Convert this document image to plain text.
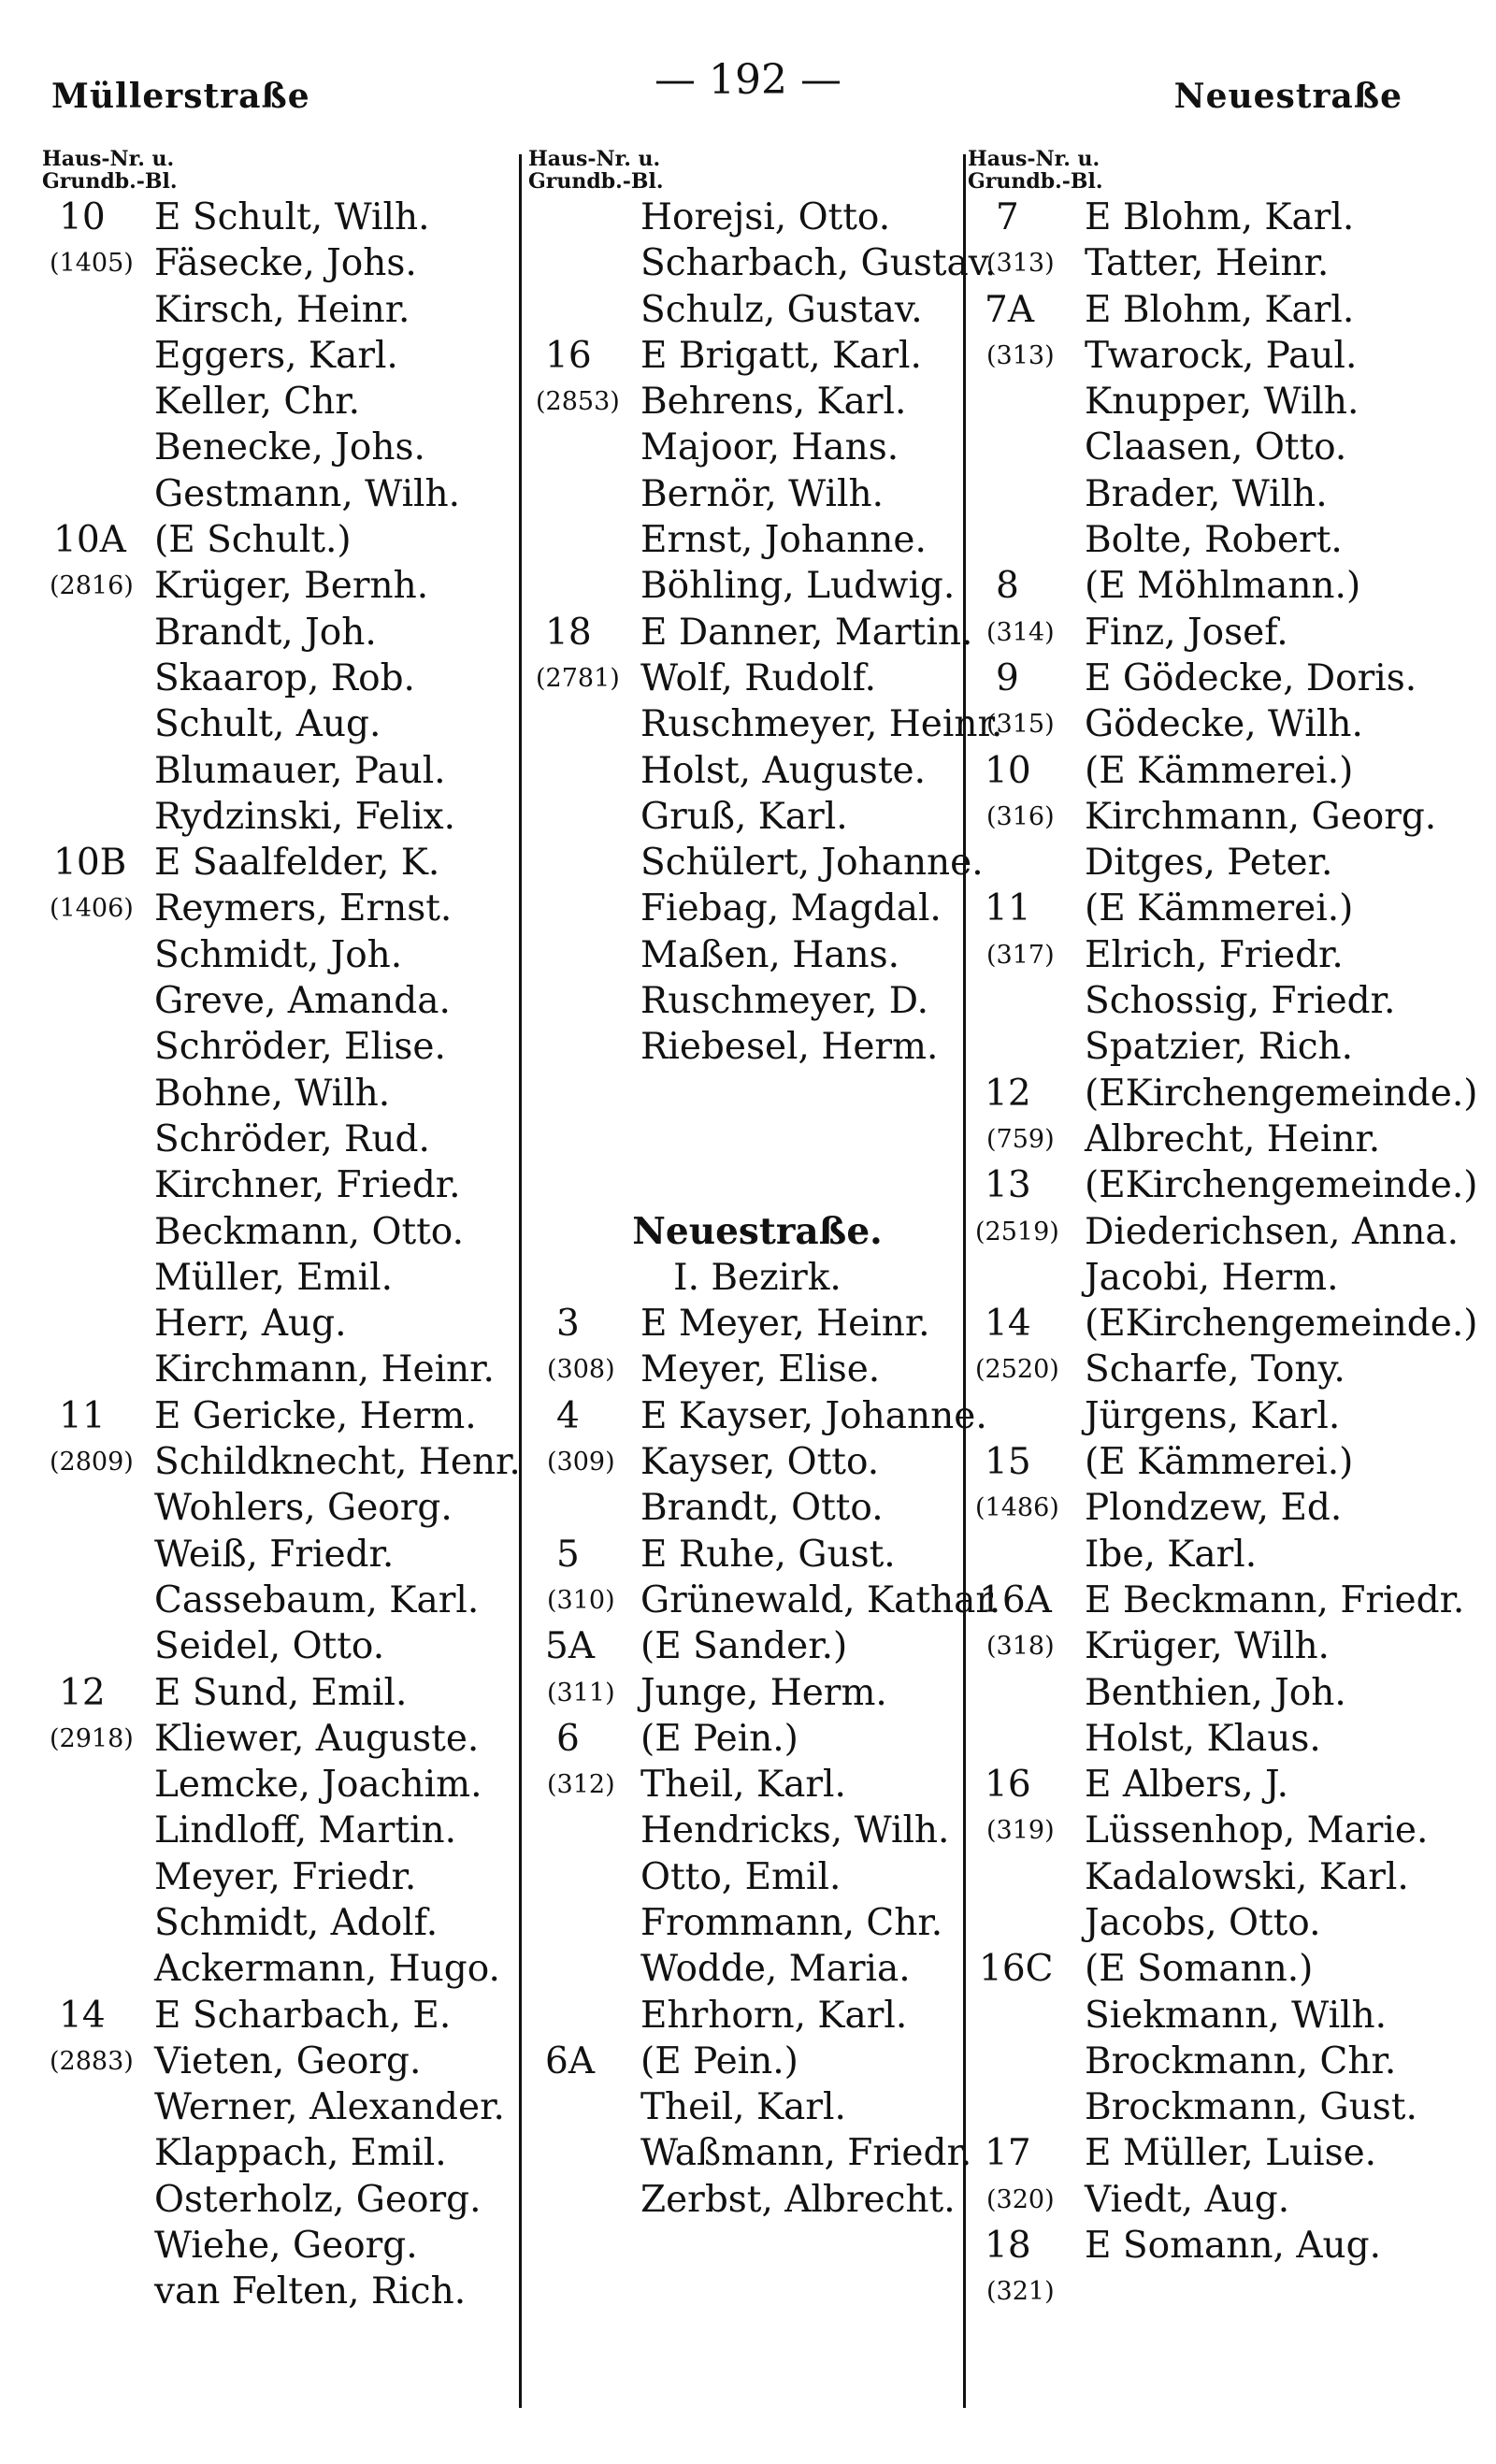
Müllerstraße	— 192 —	Neuestraße
Haus-Nr. u.
Grundb.-Bl.
10 E Schult, Wilh.
(1405) Fäsecke, Johs.
Kirsch, Heinr.
Eggers, Karl.
Keller, Chr.
Benecke, Johs.
Gestmann, Wilh.
10A (E Schult.)
(2816) Krüger, Bernh.
Brandt, Joh.
Skaarop, Rob.
Schult, Aug.
Blumauer, Paul.
Rydzinski, Felix.
10B E Saalfelder, K.
(1406) Reymers, Ernst.
Schmidt, Joh.
Greve, Amanda.
Schröder, Elise.
Bohne, Wilh.
Schröder, Rud.
Kirchner, Friedr.
Beckmann, Otto.
Müller, Emil.
Herr, Aug.
Kirchmann, Heinr.
11 E Gericke, Herm.
(2809) Schildknecht, Henr.
Wohlers, Georg.
Weiß, Friedr.
Cassebaum, Karl.
Seidel, Otto.
12 E Sund, Emil.
(2918) Kliewer, Auguste.
Lemcke, Joachim.
Lindloff, Martin.
Meyer, Friedr.
Schmidt, Adolf.
Ackermann, Hugo.
14 E Scharbach, E.
(2883) Vieten, Georg.
Werner, Alexander.
Klappach, Emil.
Osterholz, Georg.
Wiehe, Georg.
van Felten, Rich.
Haus-Nr. u.
Grundb.-Bl.
Horejsi, Otto.
Scharbach, Gustav.
Schulz, Gustav.
16 E Brigatt, Karl.
(2853) Behrens, Karl.
Majoor, Hans.
Bernör, Wilh.
Ernst, Johanne.
Böhling, Ludwig.
18 E Danner, Martin.
(2781) Wolf, Rudolf.
Ruschmeyer, Heinr.
Holst, Auguste.
Gruß, Karl.
Schülert, Johanne.
Fiebag, Magdal.
Maßen, Hans.
Ruschmeyer, D.
Riebesel, Herm.
Neuestraße.
I. Bezirk.
3 E Meyer, Heinr.
(308) Meyer, Elise.
4 E Kayser, Johanne.
(309) Kayser, Otto.
Brandt, Otto.
5 E Ruhe, Gust.
(310) Grünewald, Kathar.
5A (E Sander.)
(311) Junge, Herm.
6 (E Pein.)
(312) Theil, Karl.
Hendricks, Wilh.
Otto, Emil.
Frommann, Chr.
Wodde, Maria.
Ehrhorn, Karl.
6A (E Pein.)
Theil, Karl.
Waßmann, Friedr.
Zerbst, Albrecht.
Haus-Nr. u.
Grundb.-Bl.
7 E Blohm, Karl.
(313) Tatter, Heinr.
7A E Blohm, Karl.
(313) Twarock, Paul.
Knupper, Wilh.
Claasen, Otto.
Brader, Wilh.
Bolte, Robert.
8 (E Möhlmann.)
(314) Finz, Josef.
9 E Gödecke, Doris.
(315) Gödecke, Wilh.
10 (E Kämmerei.)
(316) Kirchmann, Georg.
Ditges, Peter.
11 (E Kämmerei.)
(317) Elrich, Friedr.
Schossig, Friedr.
Spatzier, Rich.
12 (EKirchengemeinde.)
(759) Albrecht, Heinr.
13 (EKirchengemeinde.)
(2519) Diederichsen, Anna.
Jacobi, Herm.
14 (EKirchengemeinde.)
(2520) Scharfe, Tony.
Jürgens, Karl.
15 (E Kämmerei.)
(1486) Plondzew, Ed.
Ibe, Karl.
16A E Beckmann, Friedr.
(318) Krüger, Wilh.
Benthien, Joh.
Holst, Klaus.
16 E Albers, J.
(319) Lüssenhop, Marie.
Kadalowski, Karl.
Jacobs, Otto.
16C (E Somann.)
Siekmann, Wilh.
Brockmann, Chr.
Brockmann, Gust.
17 E Müller, Luise.
(320) Viedt, Aug.
18 E Somann, Aug.
(321)
